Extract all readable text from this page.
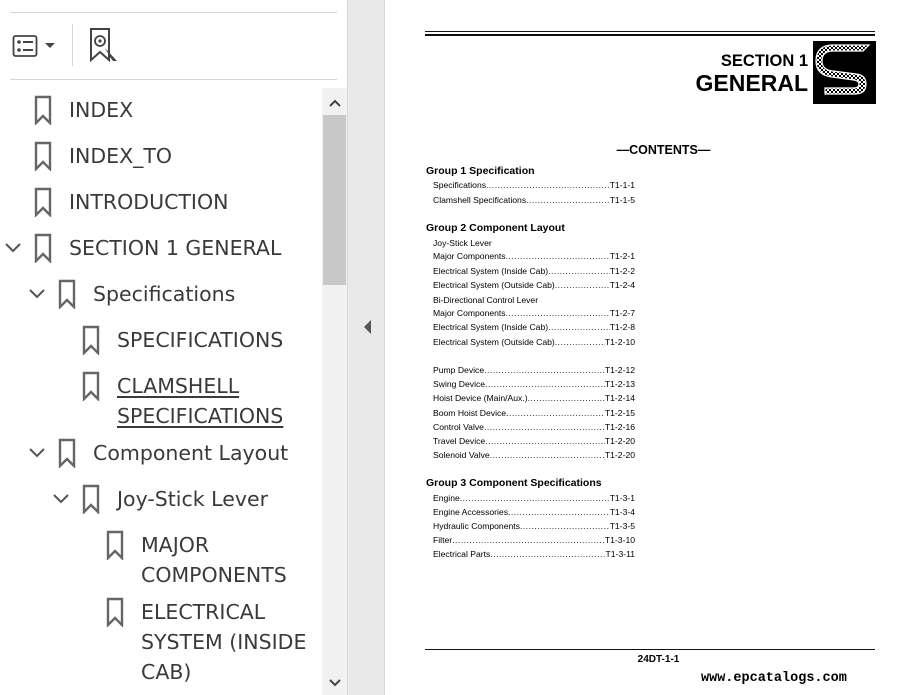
INDEX
INDEX_TO
INTRODUCTION
SECTION 1 GENERAL
Specifications
SPECIFICATIONS
CLAMSHELL
SPECIFICATIONS
Component Layout
Joy-Stick Lever
MAJOR
COMPONENTS
ELECTRICAL
SYSTEM (INSIDE
CAB)
SECTION 1
GENERAL
—CONTENTS—
Group 1 Specification
Specifications .....	T1-1-1
Clamshell Specifications .....	T1-1-5
Group 2 Component Layout
Joy-Stick Lever
Major Components .....	T1-2-1
Electrical System (Inside Cab) .....	T1-2-2
Electrical System (Outside Cab) .....	T1-2-4
Bi-Directional Control Lever
Major Components .....	T1-2-7
Electrical System (Inside Cab) .....	T1-2-8
Electrical System (Outside Cab) .....	T1-2-10
Pump Device .....	T1-2-12
Swing Device .....	T1-2-13
Hoist Device (Main/Aux.) .....	T1-2-14
Boom Hoist Device .....	T1-2-15
Control Valve .....	T1-2-16
Travel Device .....	T1-2-20
Solenoid Valve .....	T1-2-20
Group 3 Component Specifications
Engine .....	T1-3-1
Engine Accessories .....	T1-3-4
Hydraulic Components .....	T1-3-5
Filter .....	T1-3-10
Electrical Parts .....	T1-3-11
24DT-1-1
www.epcatalogs.com
